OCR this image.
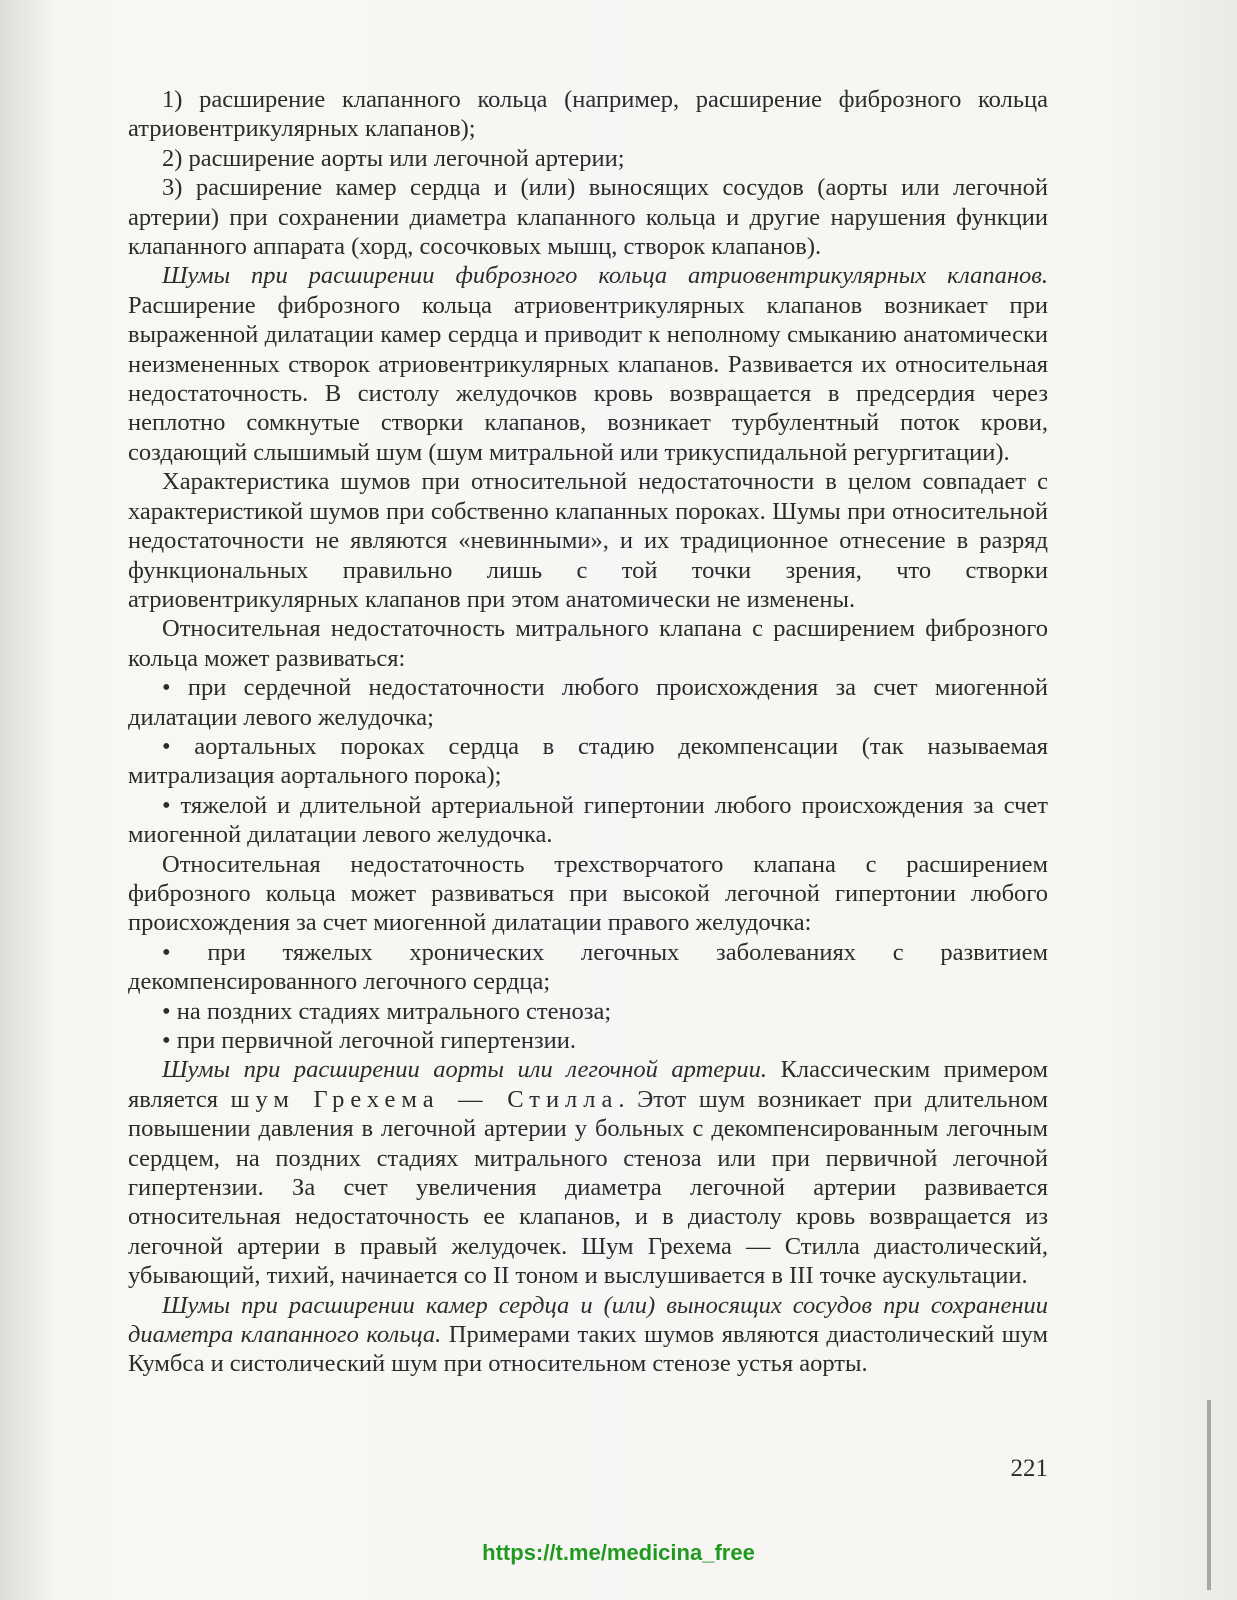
1) расширение клапанного кольца (например, расширение фиброзного кольца атриовентрикулярных клапанов);

2) расширение аорты или легочной артерии;

3) расширение камер сердца и (или) выносящих сосудов (аорты или легочной артерии) при сохранении диаметра клапанного кольца и другие нарушения функции клапанного аппарата (хорд, сосочковых мышц, створок клапанов).

Шумы при расширении фиброзного кольца атриовентрикулярных клапанов. Расширение фиброзного кольца атриовентрикулярных клапанов возникает при выраженной дилатации камер сердца и приводит к неполному смыканию анатомически неизмененных створок атриовентрикулярных клапанов. Развивается их относительная недостаточность. В систолу желудочков кровь возвращается в предсердия через неплотно сомкнутые створки клапанов, возникает турбулентный поток крови, создающий слышимый шум (шум митральной или трикуспидальной регургитации).

Характеристика шумов при относительной недостаточности в целом совпадает с характеристикой шумов при собственно клапанных пороках. Шумы при относительной недостаточности не являются «невинными», и их традиционное отнесение в разряд функциональных правильно лишь с той точки зрения, что створки атриовентрикулярных клапанов при этом анатомически не изменены.

Относительная недостаточность митрального клапана с расширением фиброзного кольца может развиваться:

• при сердечной недостаточности любого происхождения за счет миогенной дилатации левого желудочка;

• аортальных пороках сердца в стадию декомпенсации (так называемая митрализация аортального порока);

• тяжелой и длительной артериальной гипертонии любого происхождения за счет миогенной дилатации левого желудочка.

Относительная недостаточность трехстворчатого клапана с расширением фиброзного кольца может развиваться при высокой легочной гипертонии любого происхождения за счет миогенной дилатации правого желудочка:

• при тяжелых хронических легочных заболеваниях с развитием декомпенсированного легочного сердца;

• на поздних стадиях митрального стеноза;

• при первичной легочной гипертензии.

Шумы при расширении аорты или легочной артерии. Классическим примером является шум Грехема — Стилла. Этот шум возникает при длительном повышении давления в легочной артерии у больных с декомпенсированным легочным сердцем, на поздних стадиях митрального стеноза или при первичной легочной гипертензии. За счет увеличения диаметра легочной артерии развивается относительная недостаточность ее клапанов, и в диастолу кровь возвращается из легочной артерии в правый желудочек. Шум Грехема — Стилла диастолический, убывающий, тихий, начинается со II тоном и выслушивается в III точке аускультации.

Шумы при расширении камер сердца и (или) выносящих сосудов при сохранении диаметра клапанного кольца. Примерами таких шумов являются диастолический шум Кумбса и систолический шум при относительном стенозе устья аорты.

221
https://t.me/medicina_free
